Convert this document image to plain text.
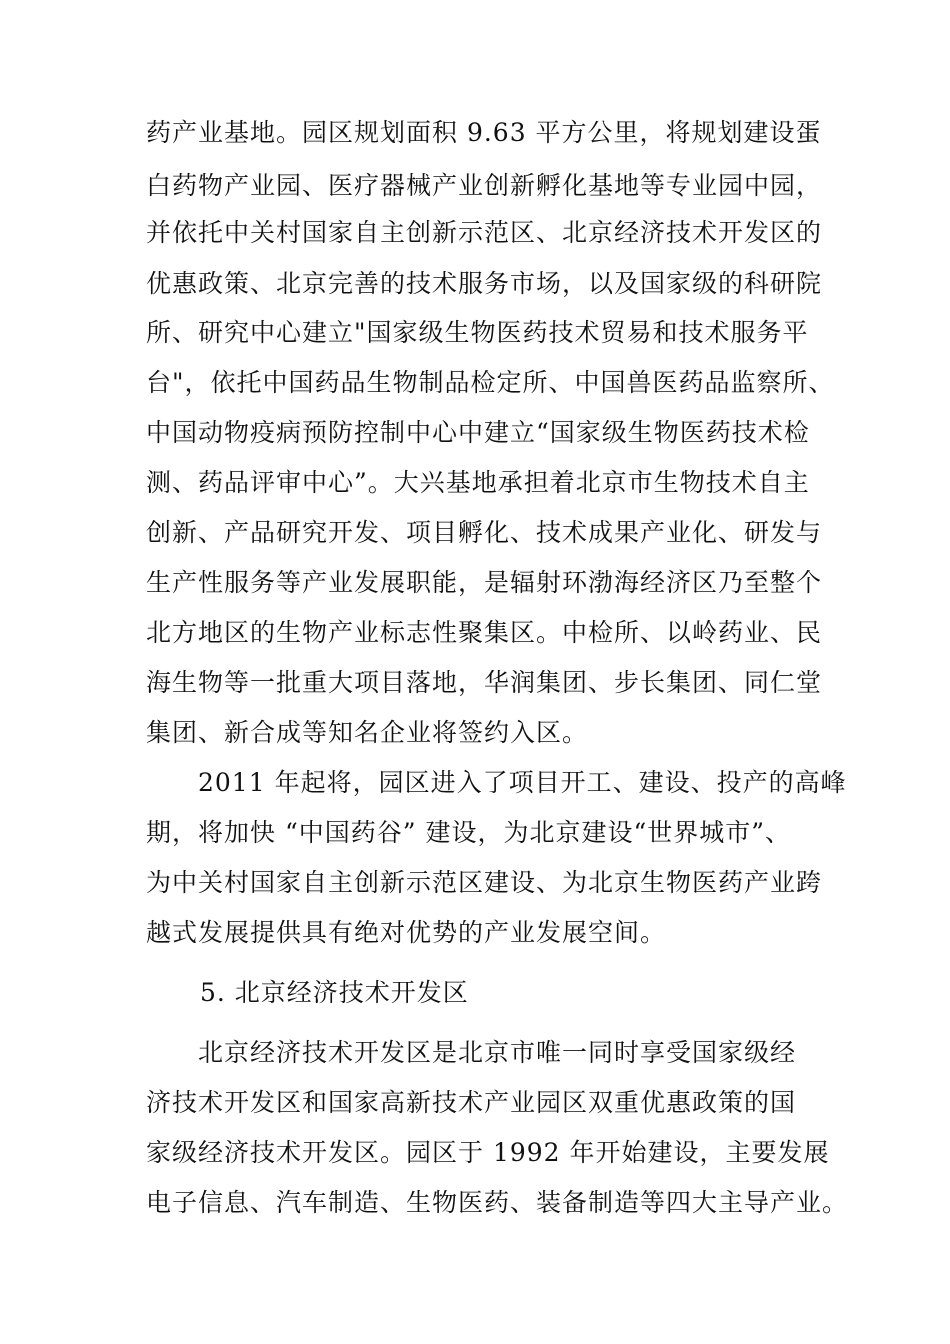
药产业基地。园区规划面积 9.63 平方公里，将规划建设蛋
白药物产业园、医疗器械产业创新孵化基地等专业园中园，
并依托中关村国家自主创新示范区、北京经济技术开发区的
优惠政策、北京完善的技术服务市场，以及国家级的科研院
所、研究中心建立"国家级生物医药技术贸易和技术服务平
台"，依托中国药品生物制品检定所、中国兽医药品监察所、
中国动物疫病预防控制中心中建立“国家级生物医药技术检
测、药品评审中心”。大兴基地承担着北京市生物技术自主
创新、产品研究开发、项目孵化、技术成果产业化、研发与
生产性服务等产业发展职能，是辐射环渤海经济区乃至整个
北方地区的生物产业标志性聚集区。中检所、以岭药业、民
海生物等一批重大项目落地，华润集团、步长集团、同仁堂
集团、新合成等知名企业将签约入区。
2011 年起将，园区进入了项目开工、建设、投产的高峰
期，将加快 “中国药谷” 建设，为北京建设“世界城市”、
为中关村国家自主创新示范区建设、为北京生物医药产业跨
越式发展提供具有绝对优势的产业发展空间。
5. 北京经济技术开发区
北京经济技术开发区是北京市唯一同时享受国家级经
济技术开发区和国家高新技术产业园区双重优惠政策的国
家级经济技术开发区。园区于 1992 年开始建设，主要发展
电子信息、汽车制造、生物医药、装备制造等四大主导产业。
